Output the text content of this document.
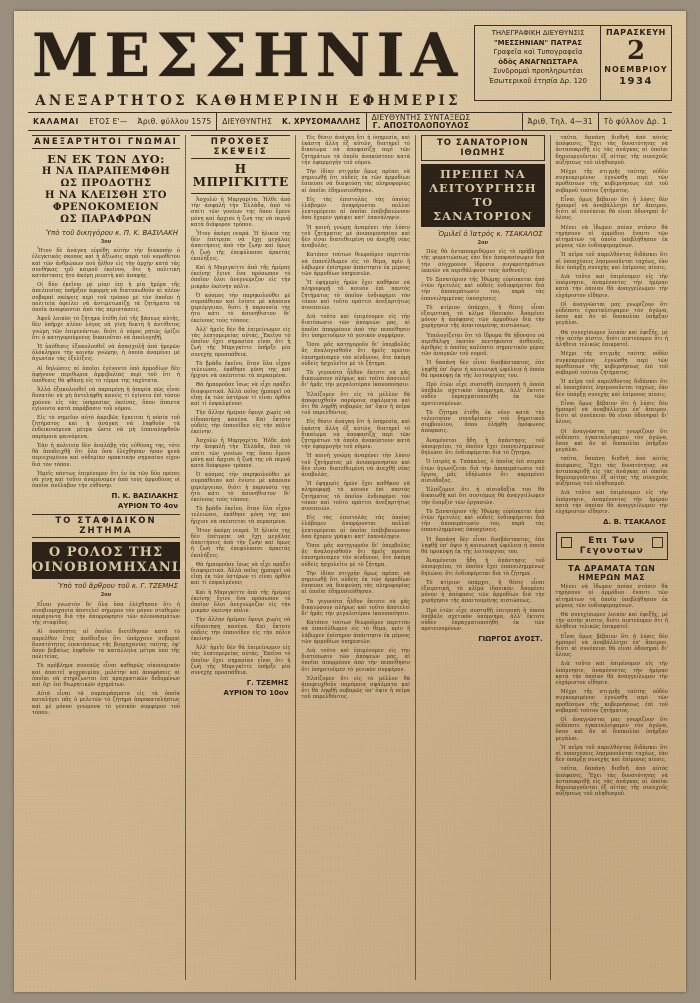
ΜΕΣΣΗΝΙΑ
ΑΝΕΞΑΡΤΗΤΟΣ ΚΑΘΗΜΕΡΙΝΗ ΕΦΗΜΕΡΙΣ
ΤΗΛΕΓΡΑΦΙΚΗ ΔΙΕΥΘΥΝΣΙΣ
"ΜΕΣΣΗΝΙΑΝ" ΠΑΤΡΑΣ
Γραφεῖα καὶ Τυπογραφεῖα
ὁδὸς ΑΝΑΓΝΩΣΤΑΡΑ
Συνδρομαὶ προπληρωτέαι
Ἐσωτερικοῦ ἐτησία Δρ. 120
ΠΑΡΑΣΚΕΥΗ
2
ΝΟΕΜΒΡΙΟΥ
1934
ΚΑΛΑΜΑΙ	ΕΤΟΣ Ε'—	Ἀριθ. φύλλου 1575	ΔΙΕΥΘΥΝΤΗΣ	Κ. ΧΡΥΣΟΜΑΛΛΗΣ	ΔΙΕΥΘΥΝΤΗΣ ΣΥΝΤΑΞΕΩΣ
Γ. ΑΠΟΣΤΟΛΟΠΟΥΛΟΣ	Ἀριθ. Τηλ. 4—31	Τὸ φύλλον Δρ. 1
ΑΝΕΞΑΡΤΗΤΟΙ ΓΝΩΜΑΙ
ΕΝ ΕΚ ΤΩΝ ΔΥΟ:
Η ΝΑ ΠΑΡΑΠΕΜΦΘΗ ΩΣ ΠΡΟΔΟΤΗΣ
Η ΝΑ ΚΛΕΙΣΘΗ ΣΤΟ ΦΡΕΝΟΚΟΜΕΙΟΝ
ΩΣ ΠΑΡΑΦΡΩΝ
Ὑπὸ τοῦ δικηγόρου κ. Π. Κ. ΒΑΣΙΛΑΚΗ

3ον

Ἦτον δὲ ἀνάγκη εὑρέθη αὐτὴν τὴν διακοπὴν ὁ ἐλεγκτικὸς σκοπος καὶ ἡ ἀξίωσις παρὰ τοῦ νομοθέτου καὶ τῶν ἀνθρώπων ποὺ ᾖλθον εἰς τὴν ἀρχὴν κατὰ τὰς συνθήκας τοῦ καιροῦ ἐκείνου, ὅτε ἡ πολιτικὴ κατάστασις ἦτο ἀκόμη ρευστὴ καὶ ἀσαφής.

Οἱ δύο ἐκεῖνοι μὲ μίαν ἐπὶ ἡ μία ἡμέρα τῆς ἀπελπισίας ὑπῆρξαν ἀφορμὴ νὰ διατυπωθοῦν αἱ πλέον σοβαραὶ σκέψεις περὶ τοῦ τρόπου μὲ τὸν ὁποῖον ἡ πολιτεία ὀφείλει νὰ ἀντιμετωπίζῃ τὰ ζητήματα τὰ ὁποῖα ἀναφύονται ἀπὸ τὰς περιστάσεις.

Ἀφοῦ λοιπὸν τὸ ζήτημα ἐτέθη ἐπὶ τῆς βάσεως αὐτῆς, δὲν ὑπῆρχε πλέον λόγος νὰ γίνῃ δεκτὴ ἡ ἀντίθετος γνώμη τῶν ἐπιμενόντων, διότι ὁ νόμος ρητῶς ὁρίζει ὅτι ὁ κατηγορούμενος δικαιοῦται νὰ ἀπολογηθῇ.

Ἡ ὑπόθεσις ἐξακολουθεῖ νὰ ἀπασχολῇ ἀπὸ ἡμερῶν ὁλόκληρον τὴν κοινὴν γνώμην, ἡ ὁποία ἀναμένει μὲ ἀγωνίαν τὰς ἐξελίξεις.

Αἱ δηλώσεις αἱ ὁποῖαι ἐγένοντο ὑπὸ ἁρμοδίων δὲν ἀφήνουν περιθώρια ἀμφιβολίας περὶ τοῦ ὅτι ἡ ὑπόθεσις θὰ φθάσῃ εἰς τὸ τέρμα της ταχύτατα.

Ἀλλὰ ἐξακολουθεῖ νὰ παραμένῃ ἡ ἀπορία πῶς εἶναι δυνατὸν νὰ μὴ ἀντελήφθη κανεὶς τὶ ἐγίνετο ἐπὶ τόσον χρόνον εἰς τὰς ὑπηρεσίας ἐκείνας, ὅπου ἅπαντα ἐγίνοντο κατὰ παράβασιν τοῦ νόμου.

Εἰς τὸ σημεῖον αὐτὸ ἀκριβῶς ἔγκειται ἡ οὐσία τοῦ ζητήματος καὶ ἡ ἀνάγκη νὰ ληφθοῦν τὰ ἐνδεικνυόμενα μέτρα ὥστε νὰ μὴ ἐπαναληφθοῦν παρόμοια φαινόμενα.

Ἐὰν ἡ πολιτεία δὲν ἀναλάβῃ τὰς εὐθύνας της, τότε θὰ ἀποδειχθῇ ὅτι ὅλα ὅσα ἐλέχθησαν ἦσαν κενὰ περιεχομένου καὶ οὐδεμίαν πρακτικὴν σημασίαν εἶχον διὰ τὸν τόπον.

Ἡμεῖς πάντως ἐπιμένομεν ὅτι ἐν ἐκ τῶν δύο πρέπει νὰ γίνῃ καὶ τοῦτο ἀναμένομεν ἀπὸ τοὺς ἁρμοδίους οἱ ὁποῖοι ἀνέλαβον τὴν εὐθύνην.

Π. Κ. ΒΑΣΙΛΑΚΗΣ
ΑΥΡΙΟΝ ΤΟ 4ον
ΤΟ ΣΤΑΦΙΔΙΚΟΝ ΖΗΤΗΜΑ
Ο ΡΟΛΟΣ ΤΗΣ ΟΙΝΟΒΙΟΜΗΧΑΝΙΑΣ
Ὑπὸ τοῦ ἄρθρου τοῦ κ. Γ. ΤΖΕΜΗΣ

2ον

Εἶναι γνωστὸν δι' ὅλα ὅσα ἐλέχθησαν ὅτι ἡ οἰνοβιομηχανία ἀποτελεῖ σήμερον τὸν μόνον σταθερὸν παράγοντα διὰ τὴν ἀπορρόφησιν τῶν πλεονασμάτων τῆς σταφίδος.

Αἱ ποσότητες αἱ ὁποῖαι διετέθησαν κατὰ τὸ παρελθὸν ἔτος ἀπέδειξαν ὅτι ὑπάρχουν σοβαραὶ δυνατότητες ἐπεκτάσεως τῆς βιομηχανίας ταύτης, ἐφ' ὅσον βεβαίως ληφθοῦν τὰ κατάλληλα μέτρα ὑπὸ τῆς πολιτείας.

Τὸ πρόβλημα συνεπῶς εἶναι καθαρῶς οἰκονομικὸν καὶ ἀπαιτεῖ ψυχραιμίαν, μελέτην καὶ ἀποφάσεις αἱ ὁποῖαι νὰ στηρίζωνται ἐπὶ πραγματικῶν δεδομένων καὶ ὄχι ἐπὶ θεωρητικῶν σχημάτων.

Αὐτὰ εἶναι τὰ συμπεράσματα εἰς τὰ ὁποῖα καταλήγει πᾶς ὁ μελετῶν τὸ ζήτημα ἀπροκαταλήπτως καὶ μὲ μόνον γνώμονα τὸ γενικὸν συμφέρον τοῦ τόπου.

ΠΡΟΧΘΕΣ ΣΚΕΨΕΙΣ
Η ΜΠΡΙΓΚΙΤΤΕ

Ἀσχολῶ ἡ Μαργαρίτα. Ἠλθε ἀπὸ τὴν ἀσφαλῆ τὴν Ἑλλάδα, ἀπὸ τὸ σπίτι τῶν γονέων της ὅπου ἔμενε μόνη καὶ ἄρχισε ἡ ζωή της νὰ περνᾷ κατὰ διάφορον τρόπον.

Ἦτον ἀκόμη νεαρά. Ἡ ἡλικία της δὲν ἐπέτρεπε νὰ ἔχῃ μεγάλας ἀπαιτήσεις ἀπὸ τὴν ζωὴν καὶ ὅμως ἡ ζωὴ τῆς ἐπεφύλασσε ἀρκετὰς ἐκπλήξεις.

Καὶ ἡ Μπριγκίττε ἀπὸ τῆς ἡμέρας ἐκείνης ἔγινε ἕνα πρόσωπον τὸ ὁποῖον ὅλοι ἀνεγνώριζον εἰς τὴν μικρὰν ἐκείνην πόλιν.

Ὁ κόσμος τὴν παρηκολούθει μὲ συμπάθειαν καὶ ἐνίοτε μὲ κάποιαν περιέργειαν, διότι ἡ παρουσία της ἦτο κάτι τὸ ἀσυνήθιστον δι' ἐκείνους τοὺς τόπους.

Ἀλλ' ἡμεῖς δὲν θὰ ἐπιμείνωμεν εἰς τὰς λεπτομερείας αὐτάς. Ἐκεῖνο τὸ ὁποῖον ἔχει σημασίαν εἶναι ὅτι ἡ ζωὴ τῆς Μπριγκίττε ὑπῆρξε μία συνεχὴς προσπάθεια.

Τὸ βράδυ ἐκεῖνο, ὅταν ὅλα εἶχαν τελειώσει, ἐκάθησε μόνη της καὶ ἤρχισε νὰ σκέπτεται τὰ περασμένα.

Θὰ ἠμποροῦσε ἴσως νὰ εἶχε πράξει διαφορετικά. Ἀλλὰ ποῖος ἠμπορεῖ νὰ εἴπῃ ἐκ τῶν ὑστέρων τί εἶναι ὀρθὸν καὶ τί ἐσφαλμένον;

Τὴν ἄλλην ἡμέραν ἔφυγε χωρὶς νὰ εἰδοποιήσῃ κανένα. Καὶ ἔκτοτε οὐδεὶς τὴν ἐπανεῖδεν εἰς τὴν πόλιν ἐκείνην.

Ἀσχολῶ ἡ Μαργαρίτα. Ἠλθε ἀπὸ τὴν ἀσφαλῆ τὴν Ἑλλάδα, ἀπὸ τὸ σπίτι τῶν γονέων της ὅπου ἔμενε μόνη καὶ ἄρχισε ἡ ζωή της νὰ περνᾷ κατὰ διάφορον τρόπον.

Ὁ κόσμος τὴν παρηκολούθει μὲ συμπάθειαν καὶ ἐνίοτε μὲ κάποιαν περιέργειαν, διότι ἡ παρουσία της ἦτο κάτι τὸ ἀσυνήθιστον δι' ἐκείνους τοὺς τόπους.

Τὸ βράδυ ἐκεῖνο, ὅταν ὅλα εἶχαν τελειώσει, ἐκάθησε μόνη της καὶ ἤρχισε νὰ σκέπτεται τὰ περασμένα.

Ἦτον ἀκόμη νεαρά. Ἡ ἡλικία της δὲν ἐπέτρεπε νὰ ἔχῃ μεγάλας ἀπαιτήσεις ἀπὸ τὴν ζωὴν καὶ ὅμως ἡ ζωὴ τῆς ἐπεφύλασσε ἀρκετὰς ἐκπλήξεις.

Θὰ ἠμποροῦσε ἴσως νὰ εἶχε πράξει διαφορετικά. Ἀλλὰ ποῖος ἠμπορεῖ νὰ εἴπῃ ἐκ τῶν ὑστέρων τί εἶναι ὀρθὸν καὶ τί ἐσφαλμένον;

Καὶ ἡ Μπριγκίττε ἀπὸ τῆς ἡμέρας ἐκείνης ἔγινε ἕνα πρόσωπον τὸ ὁποῖον ὅλοι ἀνεγνώριζον εἰς τὴν μικρὰν ἐκείνην πόλιν.

Τὴν ἄλλην ἡμέραν ἔφυγε χωρὶς νὰ εἰδοποιήσῃ κανένα. Καὶ ἔκτοτε οὐδεὶς τὴν ἐπανεῖδεν εἰς τὴν πόλιν ἐκείνην.

Ἀλλ' ἡμεῖς δὲν θὰ ἐπιμείνωμεν εἰς τὰς λεπτομερείας αὐτάς. Ἐκεῖνο τὸ ὁποῖον ἔχει σημασίαν εἶναι ὅτι ἡ ζωὴ τῆς Μπριγκίττε ὑπῆρξε μία συνεχὴς προσπάθεια.

Γ. ΤΖΕΜΗΣ
ΑΥΡΙΟΝ ΤΟ 10ον

Εἰς θέσιν ἀνάγκη ὅτι ἡ ὑπηρεσία, καὶ ἑκάστη ἄλλη ἐξ αὐτῶν, διατηρεῖ τὸ δικαίωμα νὰ ἀποφασίζῃ περὶ τῶν ζητημάτων τὰ ὁποῖα ἀνακύπτουν κατὰ τὴν ἐφαρμογὴν τοῦ νόμου.

Τὴν ἰδίαν στιγμὴν ὅμως πρέπει νὰ σημειωθῇ ὅτι οὐδεὶς ἐκ τῶν ἁρμοδίων ἔσπευσε νὰ διαψεύσῃ τὰς πληροφορίας αἱ ὁποῖαι ἐδημοσιεύθησαν.

Εἰς τὰς ἐπιστολὰς τὰς ὁποίας ἐλάβομεν ἀναφέρονται πολλαὶ λεπτομέρειαι αἱ ὁποῖαι ἐπιβεβαιώνουν ὅσα ἔχομεν γράψει κατ' ἐπανάληψιν.

Ἡ κοινὴ γνώμη ἀναμένει τὴν λύσιν τοῦ ζητήματος μὲ ἀνυπομονησίαν καὶ δὲν εἶναι διατεθειμένη νὰ ἀνεχθῇ νέας ἀναβολάς.

Κατόπιν τούτων θεωροῦμεν περιττὸν νὰ ἐπανέλθωμεν εἰς τὸ θέμα, πρὶν ἢ λάβωμεν ἐπίσημον ἀπάντησιν ἐκ μέρους τῶν ἁρμοδίων ὑπηρεσιῶν.

Ἡ ἐφημερὶς ἡμῶν ἔχει καθῆκον νὰ πληροφορῇ τὸ κοινὸν ἐπὶ παντὸς ζητήματος τὸ ὁποῖον ἐνδιαφέρει τὸν τόπον καὶ τοῦτο πράττει ἀνεξαρτήτως συνεπειῶν.

Διὰ τοῦτο καὶ ἐπιμένομεν εἰς τὴν διατύπωσιν τῶν ἀπόψεών μας, αἱ ὁποῖαι ἀπορρέουν ἀπὸ τὴν πεποίθησιν ὅτι ὑπηρετοῦμεν τὸ γενικὸν συμφέρον.

Ὅσοι μᾶς κατηγοροῦν δι' ὑπερβολὰς ἂς ἀναλογισθοῦν ὅτι ἡμεῖς πρῶτοι ἐπεσημάναμεν τὸν κίνδυνον, ὅτε ἀκόμη οὐδεὶς ἠσχολεῖτο μὲ τὸ ζήτημα.

Τὰ γεγονότα ἦλθον ἔκτοτε νὰ μᾶς δικαιώσουν πλήρως καὶ τοῦτο ἀποτελεῖ δι' ἡμᾶς τὴν μεγαλυτέραν ἱκανοποίησιν.

Ἐλπίζομεν ὅτι εἰς τὸ μέλλον θὰ ἀποφευχθοῦν παρόμοια σφάλματα καὶ ὅτι θὰ ληφθῇ σοβαρῶς ὑπ' ὄψιν ἡ πεῖρα τοῦ παρελθόντος.

Εἰς θέσιν ἀνάγκη ὅτι ἡ ὑπηρεσία, καὶ ἑκάστη ἄλλη ἐξ αὐτῶν, διατηρεῖ τὸ δικαίωμα νὰ ἀποφασίζῃ περὶ τῶν ζητημάτων τὰ ὁποῖα ἀνακύπτουν κατὰ τὴν ἐφαρμογὴν τοῦ νόμου.

Ἡ κοινὴ γνώμη ἀναμένει τὴν λύσιν τοῦ ζητήματος μὲ ἀνυπομονησίαν καὶ δὲν εἶναι διατεθειμένη νὰ ἀνεχθῇ νέας ἀναβολάς.

Ἡ ἐφημερὶς ἡμῶν ἔχει καθῆκον νὰ πληροφορῇ τὸ κοινὸν ἐπὶ παντὸς ζητήματος τὸ ὁποῖον ἐνδιαφέρει τὸν τόπον καὶ τοῦτο πράττει ἀνεξαρτήτως συνεπειῶν.

Εἰς τὰς ἐπιστολὰς τὰς ὁποίας ἐλάβομεν ἀναφέρονται πολλαὶ λεπτομέρειαι αἱ ὁποῖαι ἐπιβεβαιώνουν ὅσα ἔχομεν γράψει κατ' ἐπανάληψιν.

Ὅσοι μᾶς κατηγοροῦν δι' ὑπερβολὰς ἂς ἀναλογισθοῦν ὅτι ἡμεῖς πρῶτοι ἐπεσημάναμεν τὸν κίνδυνον, ὅτε ἀκόμη οὐδεὶς ἠσχολεῖτο μὲ τὸ ζήτημα.

Τὴν ἰδίαν στιγμὴν ὅμως πρέπει νὰ σημειωθῇ ὅτι οὐδεὶς ἐκ τῶν ἁρμοδίων ἔσπευσε νὰ διαψεύσῃ τὰς πληροφορίας αἱ ὁποῖαι ἐδημοσιεύθησαν.

Τὰ γεγονότα ἦλθον ἔκτοτε νὰ μᾶς δικαιώσουν πλήρως καὶ τοῦτο ἀποτελεῖ δι' ἡμᾶς τὴν μεγαλυτέραν ἱκανοποίησιν.

Κατόπιν τούτων θεωροῦμεν περιττὸν νὰ ἐπανέλθωμεν εἰς τὸ θέμα, πρὶν ἢ λάβωμεν ἐπίσημον ἀπάντησιν ἐκ μέρους τῶν ἁρμοδίων ὑπηρεσιῶν.

Διὰ τοῦτο καὶ ἐπιμένομεν εἰς τὴν διατύπωσιν τῶν ἀπόψεών μας, αἱ ὁποῖαι ἀπορρέουν ἀπὸ τὴν πεποίθησιν ὅτι ὑπηρετοῦμεν τὸ γενικὸν συμφέρον.

Ἐλπίζομεν ὅτι εἰς τὸ μέλλον θὰ ἀποφευχθοῦν παρόμοια σφάλματα καὶ ὅτι θὰ ληφθῇ σοβαρῶς ὑπ' ὄψιν ἡ πεῖρα τοῦ παρελθόντος.

ΤΟ ΣΑΝΑΤΟΡΙΟΝ ΙΘΩΜΗΣ
ΠΡΕΠΕΙ ΝΑ ΛΕΙΤΟΥΡΓΗΣΗ ΤΟ ΣΑΝΑΤΟΡΙΟΝ
Ὁμιλεῖ ὁ Ἰατρὸς κ. ΤΣΑΚΑΛΟΣ

2ον

Πῶς θὰ ἀνταποκριθῶμεν εἰς τὸ πρόβλημα τῆς φυματιώσεως ἐὰν δὲν ἀποφασίσωμεν διὰ τὴν σύγχρονον ἵδρυσιν συγκροτημάτων ἱκανῶν νὰ περιθάλψουν τοὺς ἀσθενεῖς;

Τὸ Σανατόριον τῆς Ἰθώμης εὑρίσκεται ἀπὸ ἐτῶν ἡμιτελὲς καὶ οὐδεὶς ἐνδιαφέρεται διὰ τὴν ἀποπεράτωσίν του, παρὰ τὰς ἐπανειλημμένας ὑποσχέσεις.

Τὸ κτίριον ὑπάρχει, ἡ θέσις εἶναι ἐξαιρετική, τὸ κλῖμα ἰδανικόν. Ἀπομένει μόνον ἡ ἀπόφασις τῶν ἁρμοδίων διὰ τὴν χορήγησιν τῆς ἀπαιτουμένης πιστώσεως.

Ὑπολογίζεται ὅτι τὸ ἵδρυμα θὰ ἠδύνατο νὰ περιθάλψῃ ἑκατὸν πεντήκοντα ἀσθενεῖς, ἀριθμὸς ὁ ὁποῖος καλύπτει σημαντικὸν μέρος τῶν ἀναγκῶν τοῦ νομοῦ.

Ἡ δαπάνη δὲν εἶναι δυσβάστακτος, ἐὰν ληφθῇ ὑπ' ὄψιν ἡ κοινωνικὴ ὠφέλεια ἡ ὁποία θὰ προκύψῃ ἐκ τῆς λειτουργίας του.

Πρὸ ἐτῶν εἶχε συσταθῆ ἐπιτροπὴ ἡ ὁποία ὑπέβαλε σχετικὸν ὑπόμνημα, ἀλλ' ἔκτοτε οὐδὲν ἐπραγματοποιήθη ἐκ τῶν προτεινομένων.

Τὸ ζήτημα ἐτέθη ἐκ νέου κατὰ τὴν τελευταίαν συνεδρίασιν τοῦ δημοτικοῦ συμβουλίου, ὅπου ἐλήφθη ὁμόφωνος ἀπόφασις.

Ἀναμένεται ἤδη ἡ ἀπάντησις τοῦ ὑπουργείου, τὸ ὁποῖον ἔχει ἐπανειλημμένως δηλώσει ὅτι ἐνδιαφέρεται διὰ τὸ ζήτημα.

Ὁ ἰατρὸς κ. Τσάκαλος, ὁ ὁποῖος ἐπὶ σειρὰν ἐτῶν ἀγωνίζεται διὰ τὴν ἀποπεράτωσιν τοῦ ἔργου, μᾶς ἐδήλωσεν ὅτι παραμένει αἰσιόδοξος.

Ἐλπίζομεν ὅτι ἡ αἰσιοδοξία του θὰ δικαιωθῇ καὶ ὅτι συντόμως θὰ ἀναγγείλωμεν τὴν ἔναρξιν τῶν ἐργασιῶν.

Τὸ Σανατόριον τῆς Ἰθώμης εὑρίσκεται ἀπὸ ἐτῶν ἡμιτελὲς καὶ οὐδεὶς ἐνδιαφέρεται διὰ τὴν ἀποπεράτωσίν του, παρὰ τὰς ἐπανειλημμένας ὑποσχέσεις.

Ἡ δαπάνη δὲν εἶναι δυσβάστακτος, ἐὰν ληφθῇ ὑπ' ὄψιν ἡ κοινωνικὴ ὠφέλεια ἡ ὁποία θὰ προκύψῃ ἐκ τῆς λειτουργίας του.

Ἀναμένεται ἤδη ἡ ἀπάντησις τοῦ ὑπουργείου, τὸ ὁποῖον ἔχει ἐπανειλημμένως δηλώσει ὅτι ἐνδιαφέρεται διὰ τὸ ζήτημα.

Τὸ κτίριον ὑπάρχει, ἡ θέσις εἶναι ἐξαιρετική, τὸ κλῖμα ἰδανικόν. Ἀπομένει μόνον ἡ ἀπόφασις τῶν ἁρμοδίων διὰ τὴν χορήγησιν τῆς ἀπαιτουμένης πιστώσεως.

Πρὸ ἐτῶν εἶχε συσταθῆ ἐπιτροπὴ ἡ ὁποία ὑπέβαλε σχετικὸν ὑπόμνημα, ἀλλ' ἔκτοτε οὐδὲν ἐπραγματοποιήθη ἐκ τῶν προτεινομένων.

ΓΙΩΡΓΟΣ ΔΥΟΣΤ.

ταῦτα, δαπάνη διεθνῆ ἀπὸ αὐτὸς ἀπόφασις, Ἔχει τὰς δυνατότητας νὰ ἀνταποκριθῇ εἰς τὰς ἀνάγκας αἱ ὁποῖαι δημιουργοῦνται ἐξ αἰτίας τῆς συνεχοῦς αὐξήσεως τοῦ πληθυσμοῦ.

Μέχρι τῆς στιγμῆς ταύτης οὐδὲν συγκεκριμένον ἐγνώσθη περὶ τῶν προθέσεων τῆς κυβερνήσεως ἐπὶ τοῦ σοβαροῦ τούτου ζητήματος.

Εἶναι ὅμως βέβαιον ὅτι ἡ λύσις δὲν ἠμπορεῖ νὰ ἀναβάλλεται ἐπ' ἄπειρον, διότι αἱ συνέπειαι θὰ εἶναι ὀδυνηραὶ δι' ὅλους.

Μένει νὰ ἴδωμεν ποίαν στάσιν θὰ τηρήσουν οἱ ἁρμόδιοι ἔναντι τῶν αἰτημάτων τὰ ὁποῖα ὑπεβλήθησαν ἐκ μέρους τῶν ἐνδιαφερομένων.

Ἡ πεῖρα τοῦ παρελθόντος διδάσκει ὅτι αἱ ὑποσχέσεις λησμονοῦνται ταχέως, ἐὰν δὲν ὑπάρξῃ συνεχὴς καὶ ἐπίμονος πίεσις.

Διὰ τοῦτο καὶ ἐπιμένομεν εἰς τὴν ὑπόμνησιν, ἀναμένοντες τὴν ἡμέραν κατὰ τὴν ὁποίαν θὰ ἀναγγείλωμεν τὴν εὐχάριστον εἴδησιν.

Οἱ ἀναγνῶσται μας γνωρίζουν ὅτι οὐδέποτε ἐγκαταλείψαμεν τὸν ἀγῶνα, ὅσον καὶ ἂν αἱ δυσκολίαι ὑπῆρξαν μεγάλαι.

Θὰ συνεχίσωμεν λοιπὸν καὶ ἐφεξῆς, μὲ τὴν αὐτὴν πίστιν, διότι πιστεύομεν ὅτι ἡ ἀλήθεια τελικῶς ἐπικρατεῖ.

Μέχρι τῆς στιγμῆς ταύτης οὐδὲν συγκεκριμένον ἐγνώσθη περὶ τῶν προθέσεων τῆς κυβερνήσεως ἐπὶ τοῦ σοβαροῦ τούτου ζητήματος.

Ἡ πεῖρα τοῦ παρελθόντος διδάσκει ὅτι αἱ ὑποσχέσεις λησμονοῦνται ταχέως, ἐὰν δὲν ὑπάρξῃ συνεχὴς καὶ ἐπίμονος πίεσις.

Εἶναι ὅμως βέβαιον ὅτι ἡ λύσις δὲν ἠμπορεῖ νὰ ἀναβάλλεται ἐπ' ἄπειρον, διότι αἱ συνέπειαι θὰ εἶναι ὀδυνηραὶ δι' ὅλους.

Οἱ ἀναγνῶσται μας γνωρίζουν ὅτι οὐδέποτε ἐγκαταλείψαμεν τὸν ἀγῶνα, ὅσον καὶ ἂν αἱ δυσκολίαι ὑπῆρξαν μεγάλαι.

ταῦτα, δαπάνη διεθνῆ ἀπὸ αὐτὸς ἀπόφασις, Ἔχει τὰς δυνατότητας νὰ ἀνταποκριθῇ εἰς τὰς ἀνάγκας αἱ ὁποῖαι δημιουργοῦνται ἐξ αἰτίας τῆς συνεχοῦς αὐξήσεως τοῦ πληθυσμοῦ.

Διὰ τοῦτο καὶ ἐπιμένομεν εἰς τὴν ὑπόμνησιν, ἀναμένοντες τὴν ἡμέραν κατὰ τὴν ὁποίαν θὰ ἀναγγείλωμεν τὴν εὐχάριστον εἴδησιν.

Δ. Β. ΤΣΑΚΑΛΟΣ
Επι Των Γεγονοτων
ΤΑ ΔΡΑΜΑΤΑ ΤΩΝ ΗΜΕΡΩΝ ΜΑΣ

Μένει νὰ ἴδωμεν ποίαν στάσιν θὰ τηρήσουν οἱ ἁρμόδιοι ἔναντι τῶν αἰτημάτων τὰ ὁποῖα ὑπεβλήθησαν ἐκ μέρους τῶν ἐνδιαφερομένων.

Θὰ συνεχίσωμεν λοιπὸν καὶ ἐφεξῆς, μὲ τὴν αὐτὴν πίστιν, διότι πιστεύομεν ὅτι ἡ ἀλήθεια τελικῶς ἐπικρατεῖ.

Εἶναι ὅμως βέβαιον ὅτι ἡ λύσις δὲν ἠμπορεῖ νὰ ἀναβάλλεται ἐπ' ἄπειρον, διότι αἱ συνέπειαι θὰ εἶναι ὀδυνηραὶ δι' ὅλους.

Διὰ τοῦτο καὶ ἐπιμένομεν εἰς τὴν ὑπόμνησιν, ἀναμένοντες τὴν ἡμέραν κατὰ τὴν ὁποίαν θὰ ἀναγγείλωμεν τὴν εὐχάριστον εἴδησιν.

Μέχρι τῆς στιγμῆς ταύτης οὐδὲν συγκεκριμένον ἐγνώσθη περὶ τῶν προθέσεων τῆς κυβερνήσεως ἐπὶ τοῦ σοβαροῦ τούτου ζητήματος.

Οἱ ἀναγνῶσται μας γνωρίζουν ὅτι οὐδέποτε ἐγκαταλείψαμεν τὸν ἀγῶνα, ὅσον καὶ ἂν αἱ δυσκολίαι ὑπῆρξαν μεγάλαι.

Ἡ πεῖρα τοῦ παρελθόντος διδάσκει ὅτι αἱ ὑποσχέσεις λησμονοῦνται ταχέως, ἐὰν δὲν ὑπάρξῃ συνεχὴς καὶ ἐπίμονος πίεσις.

ταῦτα, δαπάνη διεθνῆ ἀπὸ αὐτὸς ἀπόφασις, Ἔχει τὰς δυνατότητας νὰ ἀνταποκριθῇ εἰς τὰς ἀνάγκας αἱ ὁποῖαι δημιουργοῦνται ἐξ αἰτίας τῆς συνεχοῦς αὐξήσεως τοῦ πληθυσμοῦ.
